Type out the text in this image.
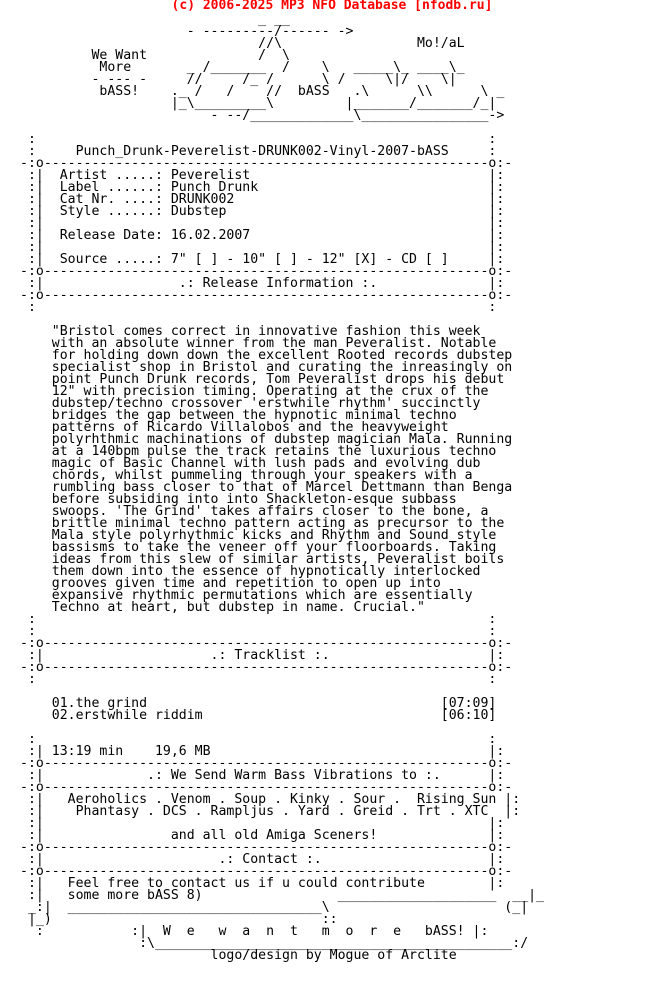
(c) 2006-2025 MP3 NFO Database [nfodb.ru]
_ __
- ---------/------ ->
//\                 Mo!/aL
We Want              /  \
More       _ /_______  /    \   _____\_ ____\_
- --- -     //     /_ /      \ /     \|/    \|
bASS!    ._ /   /    //  bASS   .\      \\      \ _
|_\_________\         |_______/_______/_|
- --/_____________\________________->

:                                                         :
:     Punch_Drunk-Peverelist-DRUNK002-Vinyl-2007-bASS     :
-:o--------------------------------------------------------o:-
:|  Artist .....: Peverelist                              |:
:|  Label ......: Punch Drunk                             |:
:|  Cat Nr. ....: DRUNK002                                |:
:|  Style ......: Dubstep                                 |:
:|                                                        |:
:|  Release Date: 16.02.2007                              |:
:|                                                        |:
:|  Source .....: 7" [ ] - 10" [ ] - 12" [X] - CD [ ]     |:
-:o--------------------------------------------------------o:-
:|                 .: Release Information :.              |:
-:o--------------------------------------------------------o:-
:                                                         :

"Bristol comes correct in innovative fashion this week
with an absolute winner from the man Peveralist. Notable
for holding down down the excellent Rooted records dubstep
specialist shop in Bristol and curating the inreasingly on
point Punch Drunk records, Tom Peveralist drops his debut
12" with precision timing. Operating at the crux of the
dubstep/techno crossover 'erstwhile rhythm' succinctly
bridges the gap between the hypnotic minimal techno
patterns of Ricardo Villalobos and the heavyweight
polyrhthmic machinations of dubstep magician Mala. Running
at a 140bpm pulse the track retains the luxurious techno
magic of Basic Channel with lush pads and evolving dub
chords, whilst pummeling through your speakers with a
rumbling bass closer to that of Marcel Dettmann than Benga
before subsiding into into Shackleton-esque subbass
swoops. 'The Grind' takes affairs closer to the bone, a
brittle minimal techno pattern acting as precursor to the
Mala style polyrhythmic kicks and Rhythm and Sound style
bassisms to take the veneer off your floorboards. Taking
ideas from this slew of similar artists, Peveralist boils
them down into the essence of hypnotically interlocked
grooves given time and repetition to open up into
expansive rhythmic permutations which are essentially
Techno at heart, but dubstep in name. Crucial."
:                                                         :
:                                                         :
-:o--------------------------------------------------------o:-
:|                     .: Tracklist :.                    |:
-:o--------------------------------------------------------o:-
:                                                         :

01.the grind                                     [07:09]
02.erstwhile riddim                              [06:10]

:                                                         :
:| 13:19 min    19,6 MB                                   |:
-:o--------------------------------------------------------o:-
:|             .: We Send Warm Bass Vibrations to :.      |:
-:o--------------------------------------------------------o:-
:|   Aeroholics . Venom . Soup . Kinky . Sour .  Rising Sun |:
:|    Phantasy . DCS . Rampljus . Yard . Greid . Trt . XTC  |:
:|                                                        |:
:|                and all old Amiga Sceners!              |:
-:o--------------------------------------------------------o:-
:|                      .: Contact :.                     |:
-:o--------------------------------------------------------o:-
:|   Feel free to contact us if u could contribute        |:
:|   some more bASS 8)                 ____________________  __|_
_:|  ________________________________\                      (_|
|_)                                  ::
:           :|  W  e   w  a  n  t   m  o  r  e   bASS! |:
:\_____________________________________________:/
logo/design by Mogue of Arclite
